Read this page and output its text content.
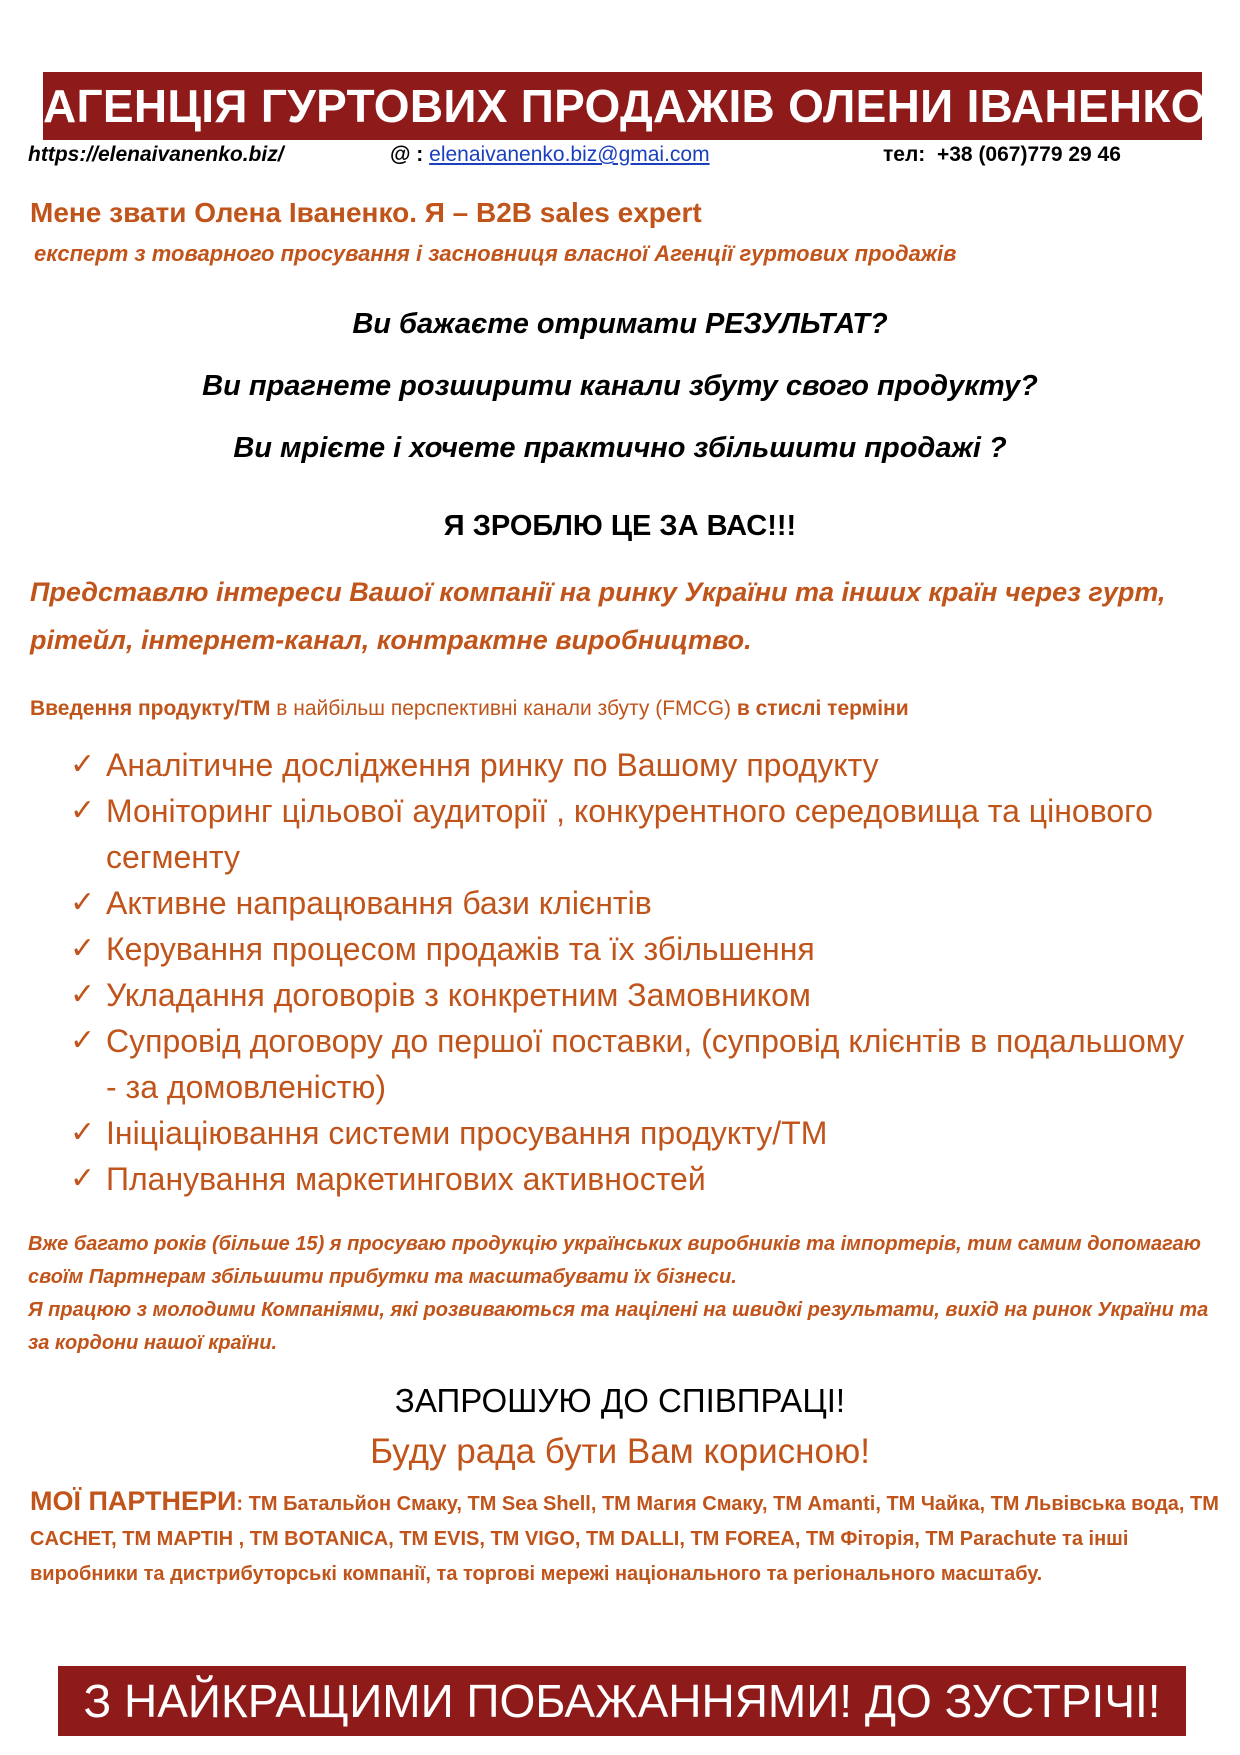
АГЕНЦІЯ ГУРТОВИХ ПРОДАЖІВ ОЛЕНИ ІВАНЕНКО
https://elenaivanenko.biz/	@ : elenaivanenko.biz@gmai.com	тел: +38 (067)779 29 46
Мене звати Олена Іваненко. Я – B2B sales expert
експерт з товарного просування і засновниця власної Агенції гуртових продажів
Ви бажаєте отримати РЕЗУЛЬТАТ?
Ви прагнете розширити канали збуту свого продукту?
Ви мрієте і хочете практично збільшити продажі ?
Я ЗРОБЛЮ ЦЕ ЗА ВАС!!!
Представлю інтереси Вашої компанії на ринку України та інших країн через гурт, рітейл, інтернет-канал, контрактне виробництво.
Введення продукту/ТМ в найбільш перспективні канали збуту (FMCG) в стислі терміни
✓ Аналітичне дослідження ринку по Вашому продукту
✓ Моніторинг цільової аудиторії , конкурентного середовища та цінового сегменту
✓ Активне напрацювання бази клієнтів
✓ Керування процесом продажів та їх збільшення
✓ Укладання договорів з конкретним Замовником
✓ Супровід договору до першої поставки, (супровід клієнтів в подальшому - за домовленістю)
✓ Ініціаціювання системи просування продукту/ТМ
✓ Планування маркетингових активностей
Вже багато років (більше 15) я просуваю продукцію українських виробників та імпортерів, тим самим допомагаю своїм Партнерам збільшити прибутки та масштабувати їх бізнеси.
Я працюю з молодими Компаніями, які розвиваються та націлені на швидкі результати, вихід на ринок України та за кордони нашої країни.
ЗАПРОШУЮ ДО СПІВПРАЦІ!
Буду рада бути Вам корисною!
МОЇ ПАРТНЕРИ: ТМ Батальйон Смаку, ТМ Sea Shell, ТМ Магия Смаку, ТМ Amanti, ТМ Чайка, ТМ Львівська вода, ТМ CACHET, ТМ МАРТІН , ТМ BOTANICA, ТМ EVIS, ТМ VIGO, ТМ DALLI, ТМ FOREA, ТМ Фіторія, ТМ Parachute та інші виробники та дистрибуторські компанії, та торгові мережі національного та регіонального масштабу.
З НАЙКРАЩИМИ ПОБАЖАННЯМИ! ДО ЗУСТРІЧІ!
